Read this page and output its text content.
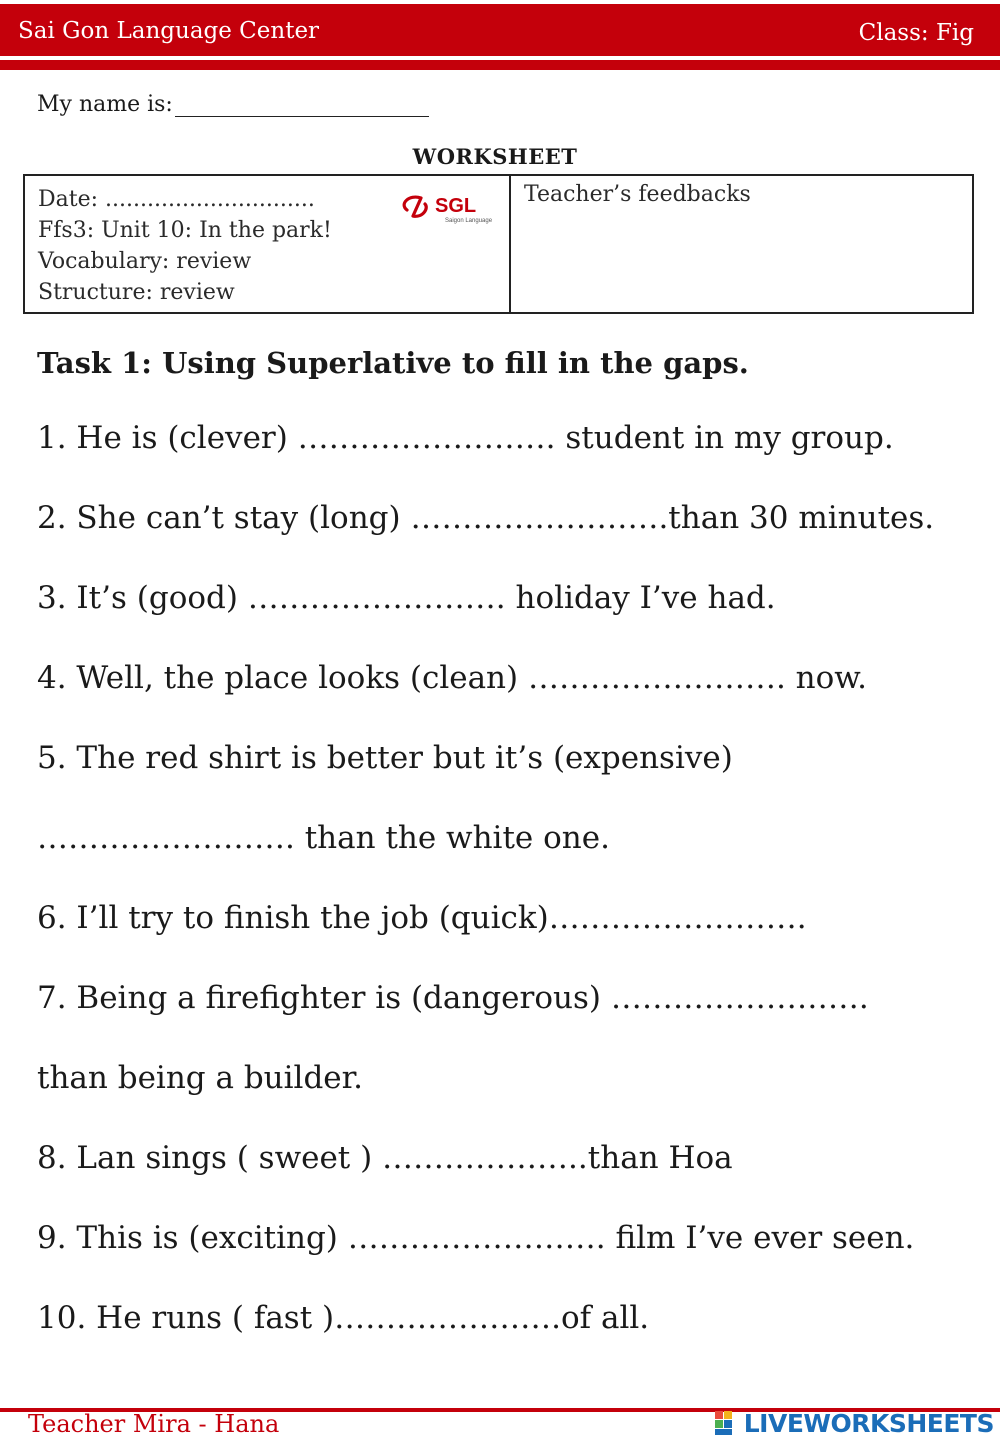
Sai Gon Language Center	Class: Fig
My name is:
WORKSHEET
Date: ..............................
Ffs3: Unit 10: In the park!
Vocabulary: review
Structure: review
SGL
Saigon Language
Teacher’s feedbacks
Task 1: Using Superlative to fill in the gaps.
1. He is (clever) ……………………. student in my group.
2. She can’t stay (long) …………………….than 30 minutes.
3. It’s (good) ……………………. holiday I’ve had.
4. Well, the place looks (clean) ……………………. now.
5. The red shirt is better but it’s (expensive)
……………………. than the white one.
6. I’ll try to finish the job (quick)…………………….
7. Being a firefighter is (dangerous) …………………….
than being a builder.
8. Lan sings ( sweet ) ………………..than Hoa
9. This is (exciting) ……………………. film I’ve ever seen.
10. He runs ( fast )………………….of all.
Teacher Mira - Hana	LIVEWORKSHEETS
